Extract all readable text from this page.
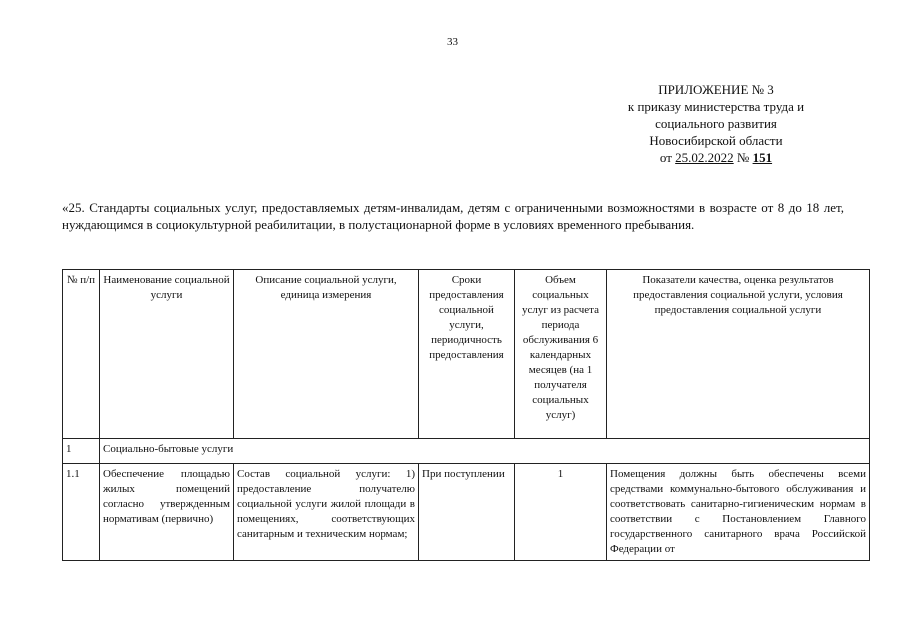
33
ПРИЛОЖЕНИЕ № 3
к приказу министерства труда и
социального развития
Новосибирской области
от 25.02.2022 № 151
«25. Стандарты социальных услуг, предоставляемых детям-инвалидам, детям с ограниченными возможностями в возрасте от 8 до 18 лет, нуждающимся в социокультурной реабилитации, в полустационарной форме в условиях временного пребывания.
№ п/п	Наименование социальной услуги	Описание социальной услуги, единица измерения	Сроки предоставления социальной услуги, периодичность предоставления	Объем социальных услуг из расчета периода обслуживания 6 календарных месяцев (на 1 получателя социальных услуг)	Показатели качества, оценка результатов предоставления социальной услуги, условия предоставления социальной услуги
1	Социально-бытовые услуги				
1.1	Обеспечение площадью жилых помещений согласно утвержденным нормативам (первично)	Состав социальной услуги: 1) предоставление получателю социальной услуги жилой площади в помещениях, соответствующих санитарным и техническим нормам;	При поступлении	1	Помещения должны быть обеспечены всеми средствами коммунально-бытового обслуживания и соответствовать санитарно-гигиеническим нормам в соответствии с Постановлением Главного государственного санитарного врача Российской Федерации от
